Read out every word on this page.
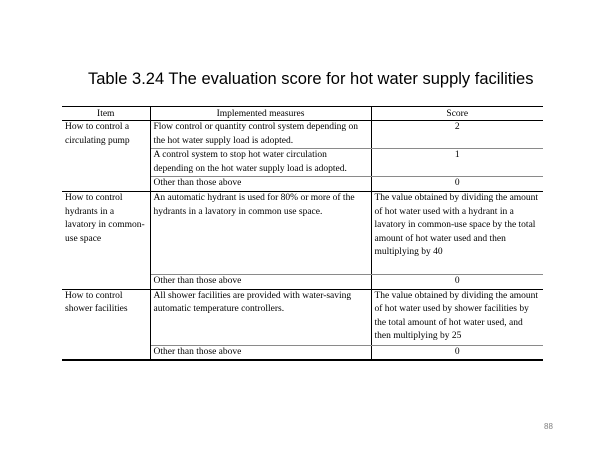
Table 3.24 The evaluation score for hot water supply facilities
Item	Implemented measures	Score
How to control a circulating pump	Flow control or quantity control system depending on the hot water supply load is adopted.	2
	A control system to stop hot water circulation depending on the hot water supply load is adopted.	1
	Other than those above	0
How to control hydrants in a lavatory in common-use space	An automatic hydrant is used for 80% or more of the hydrants in a lavatory in common use space.	The value obtained by dividing the amount of hot water used with a hydrant in a lavatory in common-use space by the total amount of hot water used and then multiplying by 40
	Other than those above	0
How to control shower facilities	All shower facilities are provided with water-saving automatic temperature controllers.	The value obtained by dividing the amount of hot water used by shower facilities by the total amount of hot water used, and then multiplying by 25
	Other than those above	0
88
